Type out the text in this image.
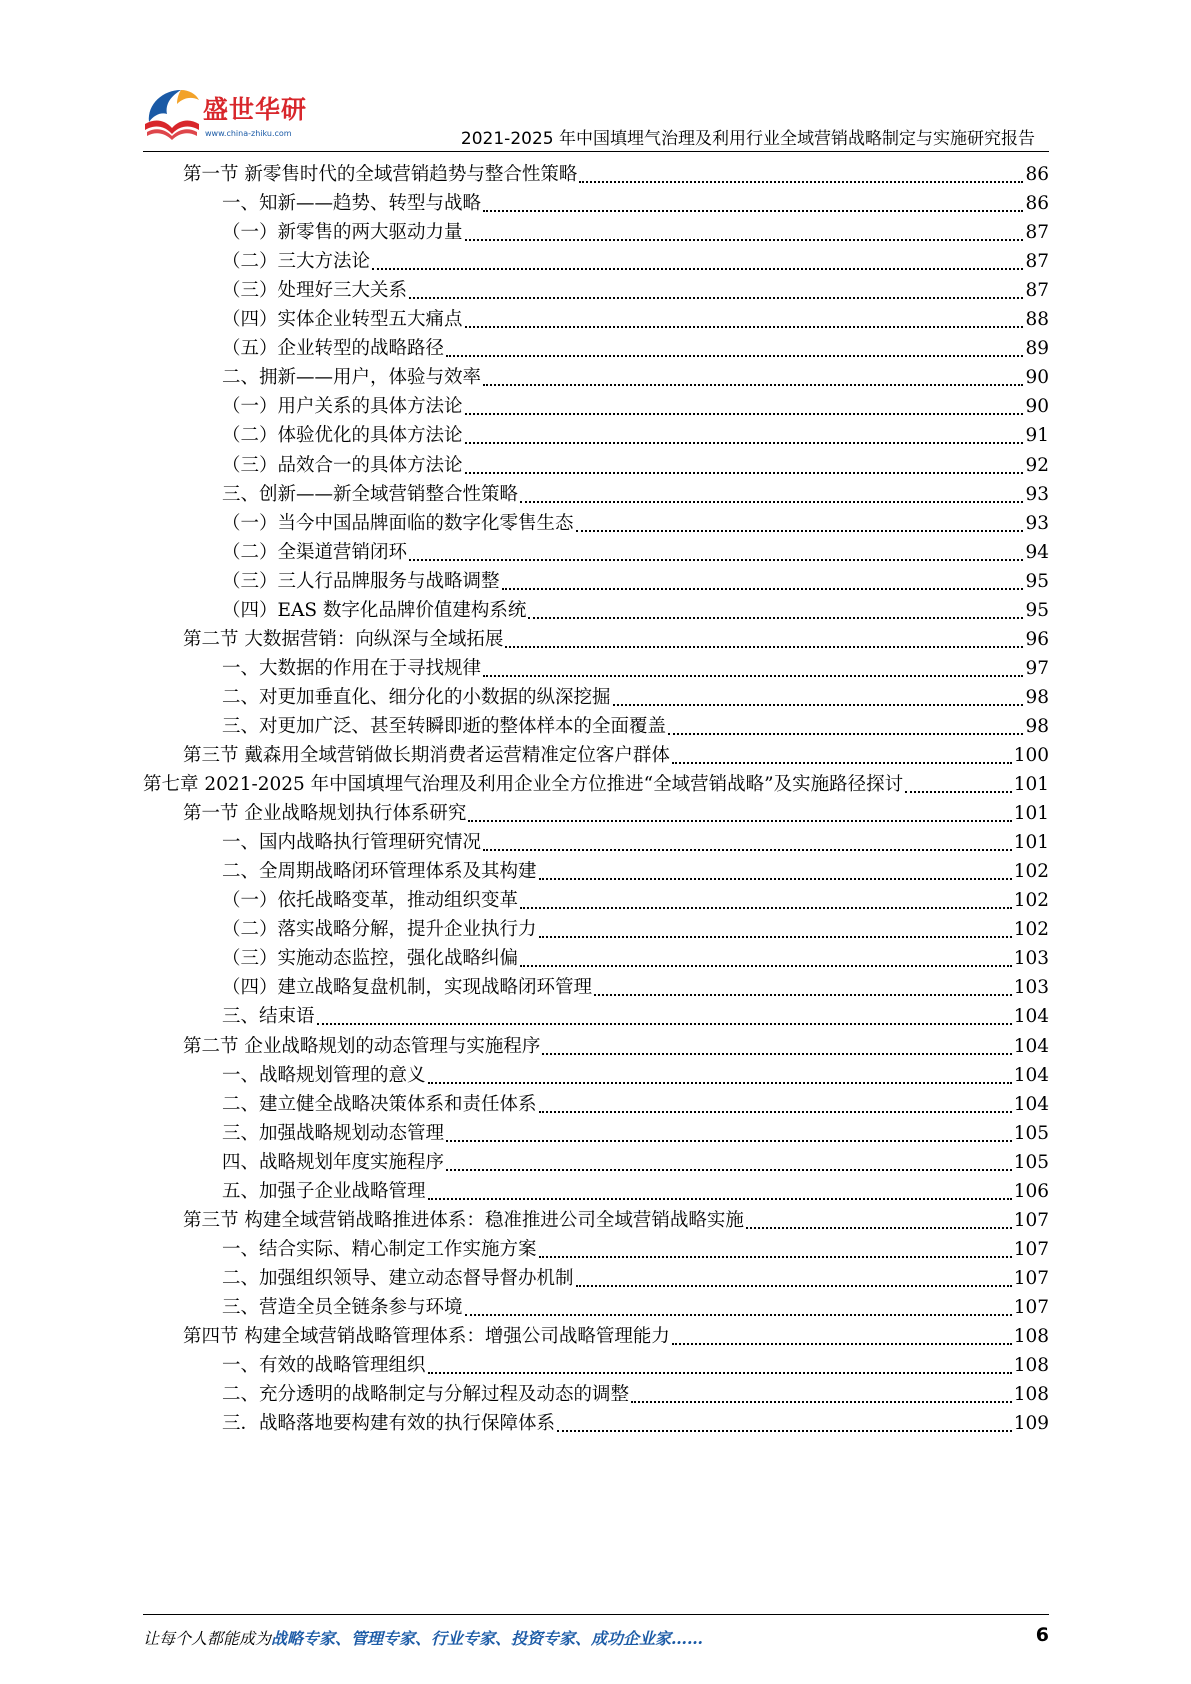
盛世华研
www.china-zhiku.com	2021-2025 年中国填埋气治理及利用行业全域营销战略制定与实施研究报告
第一节 新零售时代的全域营销趋势与整合性策略	86
一、知新——趋势、转型与战略	86
（一）新零售的两大驱动力量	87
（二）三大方法论	87
（三）处理好三大关系	87
（四）实体企业转型五大痛点	88
（五）企业转型的战略路径	89
二、拥新——用户，体验与效率	90
（一）用户关系的具体方法论	90
（二）体验优化的具体方法论	91
（三）品效合一的具体方法论	92
三、创新——新全域营销整合性策略	93
（一）当今中国品牌面临的数字化零售生态	93
（二）全渠道营销闭环	94
（三）三人行品牌服务与战略调整	95
（四）EAS 数字化品牌价值建构系统	95
第二节 大数据营销：向纵深与全域拓展	96
一、大数据的作用在于寻找规律	97
二、对更加垂直化、细分化的小数据的纵深挖掘	98
三、对更加广泛、甚至转瞬即逝的整体样本的全面覆盖	98
第三节 戴森用全域营销做长期消费者运营精准定位客户群体	100
第七章 2021-2025 年中国填埋气治理及利用企业全方位推进“全域营销战略”及实施路径探讨	101
第一节 企业战略规划执行体系研究	101
一、国内战略执行管理研究情况	101
二、全周期战略闭环管理体系及其构建	102
（一）依托战略变革，推动组织变革	102
（二）落实战略分解，提升企业执行力	102
（三）实施动态监控，强化战略纠偏	103
（四）建立战略复盘机制，实现战略闭环管理	103
三、结束语	104
第二节 企业战略规划的动态管理与实施程序	104
一、战略规划管理的意义	104
二、建立健全战略决策体系和责任体系	104
三、加强战略规划动态管理	105
四、战略规划年度实施程序	105
五、加强子企业战略管理	106
第三节 构建全域营销战略推进体系：稳准推进公司全域营销战略实施	107
一、结合实际、精心制定工作实施方案	107
二、加强组织领导、建立动态督导督办机制	107
三、营造全员全链条参与环境	107
第四节 构建全域营销战略管理体系：增强公司战略管理能力	108
一、有效的战略管理组织	108
二、充分透明的战略制定与分解过程及动态的调整	108
三．战略落地要构建有效的执行保障体系	109
让每个人都能成为战略专家、管理专家、行业专家、投资专家、成功企业家……	6
